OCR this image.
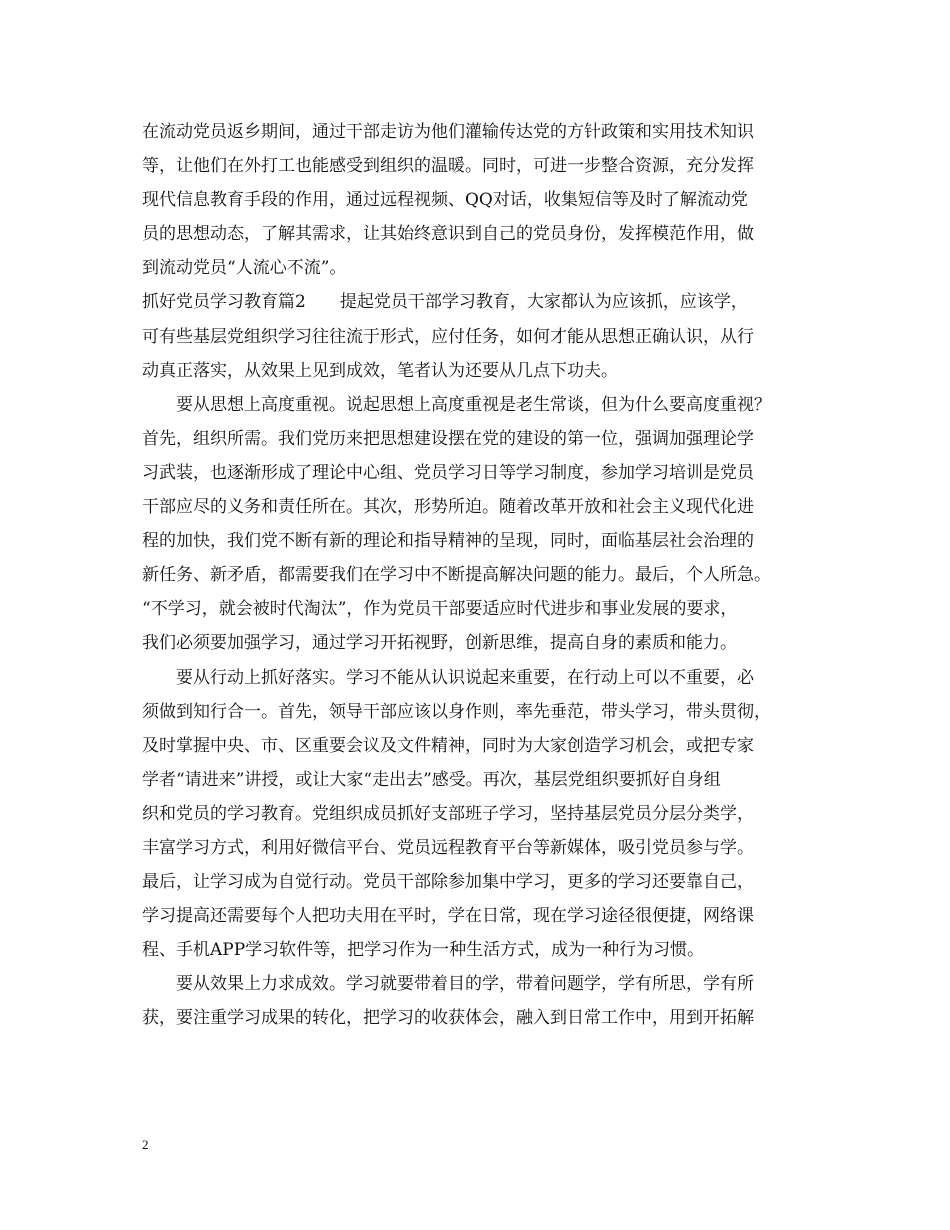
在流动党员返乡期间，通过干部走访为他们灌输传达党的方针政策和实用技术知识
等，让他们在外打工也能感受到组织的温暖。同时，可进一步整合资源，充分发挥
现代信息教育手段的作用，通过远程视频、QQ对话，收集短信等及时了解流动党
员的思想动态，了解其需求，让其始终意识到自己的党员身份，发挥模范作用，做
到流动党员“人流心不流”。
抓好党员学习教育篇2 提起党员干部学习教育，大家都认为应该抓，应该学，
可有些基层党组织学习往往流于形式，应付任务，如何才能从思想正确认识，从行
动真正落实，从效果上见到成效，笔者认为还要从几点下功夫。
要从思想上高度重视。说起思想上高度重视是老生常谈，但为什么要高度重视？
首先，组织所需。我们党历来把思想建设摆在党的建设的第一位，强调加强理论学
习武装，也逐渐形成了理论中心组、党员学习日等学习制度，参加学习培训是党员
干部应尽的义务和责任所在。其次，形势所迫。随着改革开放和社会主义现代化进
程的加快，我们党不断有新的理论和指导精神的呈现，同时，面临基层社会治理的
新任务、新矛盾，都需要我们在学习中不断提高解决问题的能力。最后，个人所急。
“不学习，就会被时代淘汰”，作为党员干部要适应时代进步和事业发展的要求，
我们必须要加强学习，通过学习开拓视野，创新思维，提高自身的素质和能力。
要从行动上抓好落实。学习不能从认识说起来重要，在行动上可以不重要，必
须做到知行合一。首先，领导干部应该以身作则，率先垂范，带头学习，带头贯彻，
及时掌握中央、市、区重要会议及文件精神，同时为大家创造学习机会，或把专家
学者“请进来”讲授，或让大家“走出去”感受。再次，基层党组织要抓好自身组
织和党员的学习教育。党组织成员抓好支部班子学习，坚持基层党员分层分类学，
丰富学习方式，利用好微信平台、党员远程教育平台等新媒体，吸引党员参与学。
最后，让学习成为自觉行动。党员干部除参加集中学习，更多的学习还要靠自己，
学习提高还需要每个人把功夫用在平时，学在日常，现在学习途径很便捷，网络课
程、手机APP学习软件等，把学习作为一种生活方式，成为一种行为习惯。
要从效果上力求成效。学习就要带着目的学，带着问题学，学有所思，学有所
获，要注重学习成果的转化，把学习的收获体会，融入到日常工作中，用到开拓解
2
